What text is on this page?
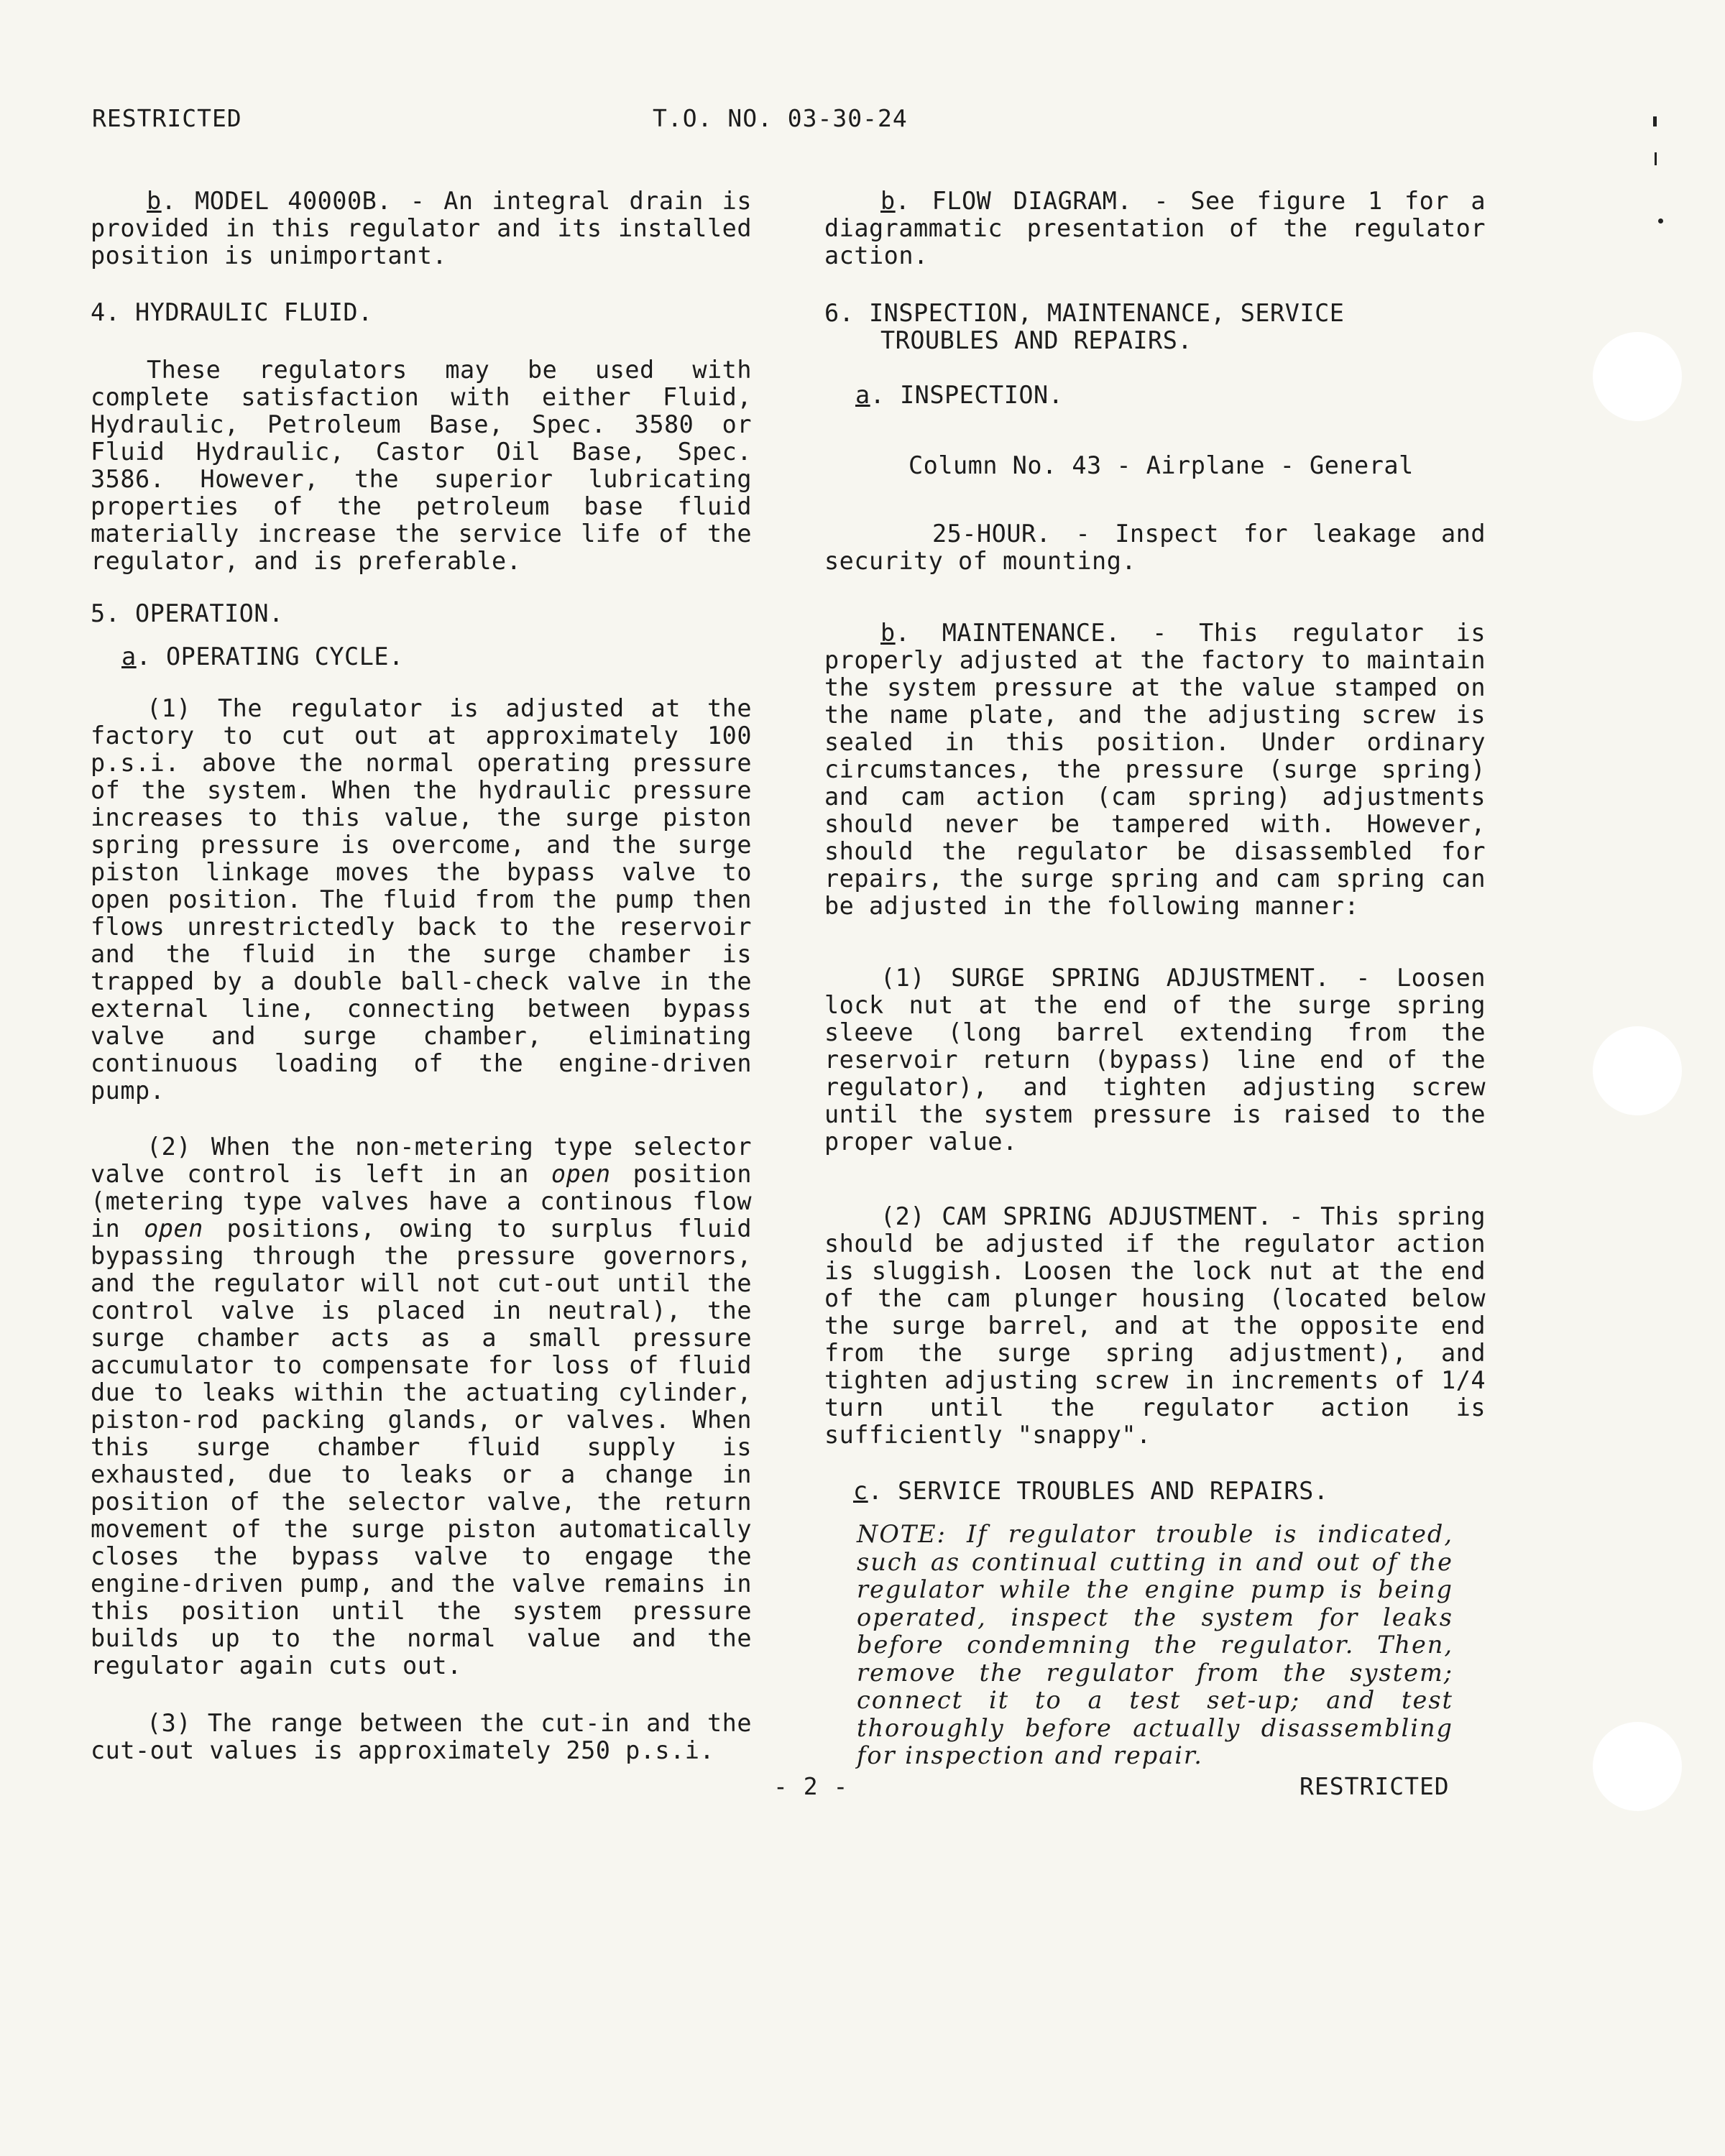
RESTRICTED	T.O. NO. 03-30-24

b. MODEL 40000B. - An integral drain is provided in this regulator and its installed position is unimportant.

4. HYDRAULIC FLUID.

These regulators may be used with complete satisfaction with either Fluid, Hydraulic, Petroleum Base, Spec. 3580 or Fluid Hydraulic, Castor Oil Base, Spec. 3586. However, the superior lubricating properties of the petroleum base fluid materially increase the service life of the regulator, and is preferable.

5. OPERATION.
a. OPERATING CYCLE.

(1) The regulator is adjusted at the factory to cut out at approximately 100 p.s.i. above the normal operating pressure of the system. When the hydraulic pressure increases to this value, the surge piston spring pressure is overcome, and the surge piston linkage moves the bypass valve to open position. The fluid from the pump then flows unrestrictedly back to the reservoir and the fluid in the surge chamber is trapped by a double ball-check valve in the external line, connecting between bypass valve and surge chamber, eliminating continuous loading of the engine-driven pump.

(2) When the non-metering type selector valve control is left in an open position (metering type valves have a continous flow in open positions, owing to surplus fluid bypassing through the pressure governors, and the regulator will not cut-out until the control valve is placed in neutral), the surge chamber acts as a small pressure accumulator to compensate for loss of fluid due to leaks within the actuating cylinder, piston-rod packing glands, or valves. When this surge chamber fluid supply is exhausted, due to leaks or a change in position of the selector valve, the return movement of the surge piston automatically closes the bypass valve to engage the engine-driven pump, and the valve remains in this position until the system pressure builds up to the normal value and the regulator again cuts out.

(3) The range between the cut-in and the cut-out values is approximately 250 p.s.i.

b. FLOW DIAGRAM. - See figure 1 for a diagrammatic presentation of the regulator action.

6. INSPECTION, MAINTENANCE, SERVICE
TROUBLES AND REPAIRS.
a. INSPECTION.
Column No. 43 - Airplane - General

25-HOUR. - Inspect for leakage and security of mounting.

b. MAINTENANCE. - This regulator is properly adjusted at the factory to maintain the system pressure at the value stamped on the name plate, and the adjusting screw is sealed in this position. Under ordinary circumstances, the pressure (surge spring) and cam action (cam spring) adjustments should never be tampered with. However, should the regulator be disassembled for repairs, the surge spring and cam spring can be adjusted in the following manner:

(1) SURGE SPRING ADJUSTMENT. - Loosen lock nut at the end of the surge spring sleeve (long barrel extending from the reservoir return (bypass) line end of the regulator), and tighten adjusting screw until the system pressure is raised to the proper value.

(2) CAM SPRING ADJUSTMENT. - This spring should be adjusted if the regulator action is sluggish. Loosen the lock nut at the end of the cam plunger housing (located below the surge barrel, and at the opposite end from the surge spring adjustment), and tighten adjusting screw in increments of 1/4 turn until the regulator action is sufficiently "snappy".

c. SERVICE TROUBLES AND REPAIRS.

NOTE: If regulator trouble is indicated, such as continual cutting in and out of the regulator while the engine pump is being operated, inspect the system for leaks before condemning the regulator. Then, remove the regulator from the system; connect it to a test set-up; and test thoroughly before actually disassembling for inspection and repair.

- 2 -	RESTRICTED
